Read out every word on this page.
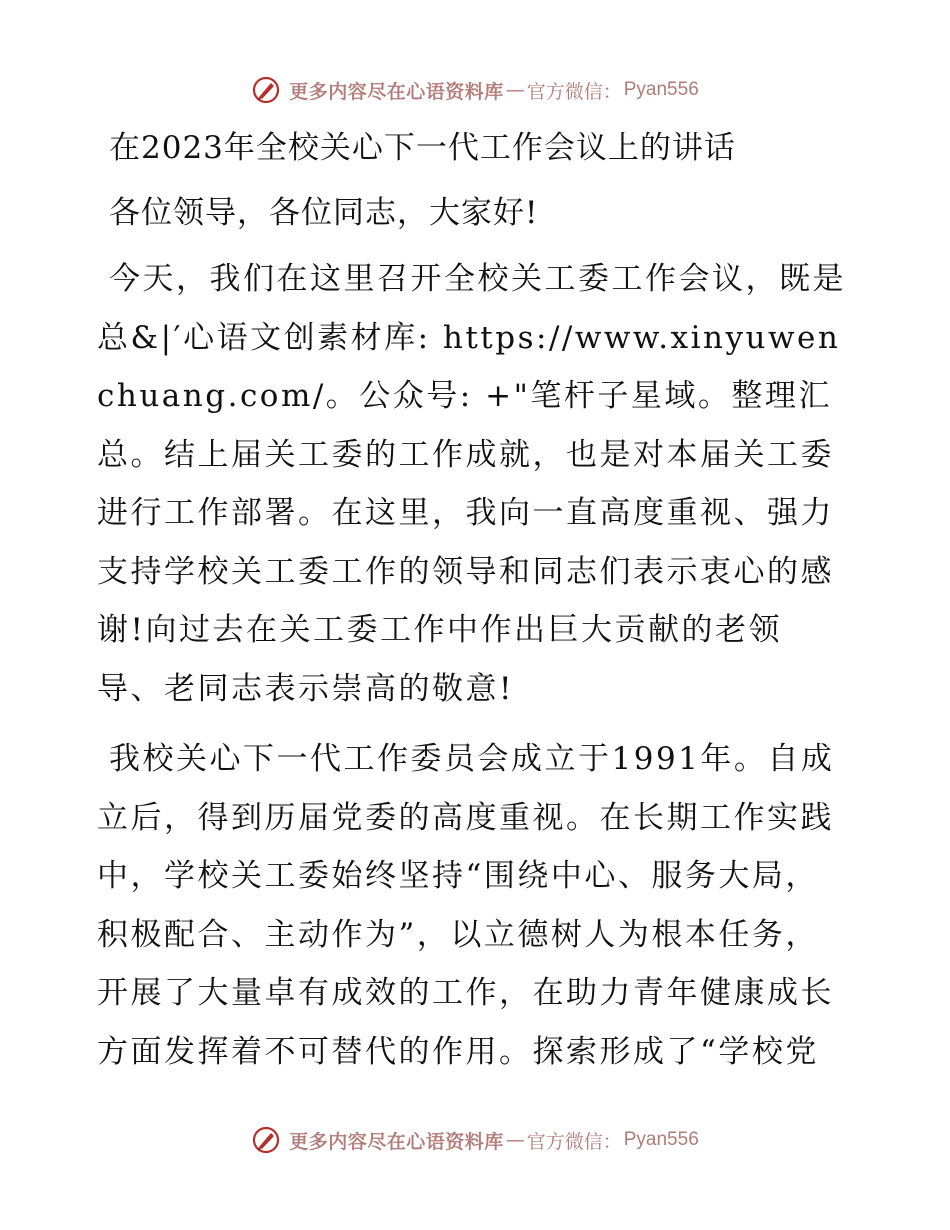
更多内容尽在心语资料库 — 官方微信： Pyan556
在2023年全校关心下一代工作会议上的讲话

各位领导，各位同志，大家好!

今天，我们在这里召开全校关工委工作会议，既是总&|′心语文创素材库: https://www.xinyuwenchuang.com/。公众号: +"笔杆子星域。整理汇总。结上届关工委的工作成就，也是对本届关工委进行工作部署。在这里，我向一直高度重视、强力支持学校关工委工作的领导和同志们表示衷心的感谢!向过去在关工委工作中作出巨大贡献的老领导、老同志表示崇高的敬意!

我校关心下一代工作委员会成立于1991年。自成立后，得到历届党委的高度重视。在长期工作实践中，学校关工委始终坚持“围绕中心、服务大局，积极配合、主动作为”，以立德树人为根本任务，开展了大量卓有成效的工作，在助力青年健康成长方面发挥着不可替代的作用。探索形成了“学校党

更多内容尽在心语资料库 — 官方微信： Pyan556
